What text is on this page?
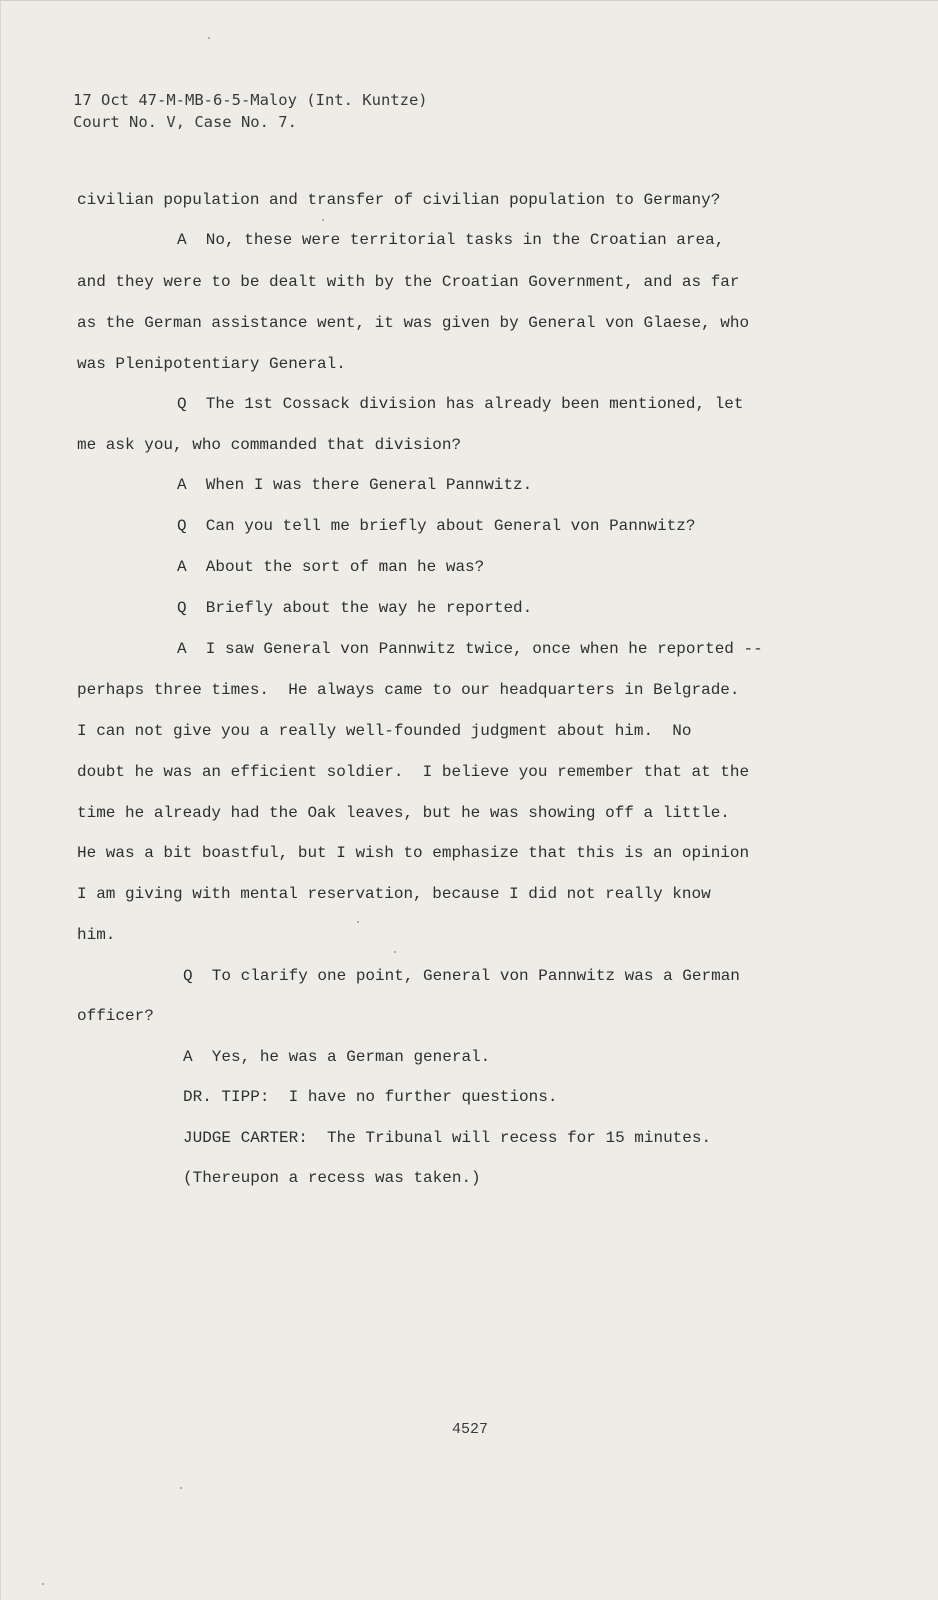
17 Oct 47-M-MB-6-5-Maloy (Int. Kuntze)
Court No. V, Case No. 7.
civilian population and transfer of civilian population to Germany?
A  No, these were territorial tasks in the Croatian area,
and they were to be dealt with by the Croatian Government, and as far
as the German assistance went, it was given by General von Glaese, who
was Plenipotentiary General.
Q  The 1st Cossack division has already been mentioned, let
me ask you, who commanded that division?
A  When I was there General Pannwitz.
Q  Can you tell me briefly about General von Pannwitz?
A  About the sort of man he was?
Q  Briefly about the way he reported.
A  I saw General von Pannwitz twice, once when he reported --
perhaps three times.  He always came to our headquarters in Belgrade.
I can not give you a really well-founded judgment about him.  No
doubt he was an efficient soldier.  I believe you remember that at the
time he already had the Oak leaves, but he was showing off a little.
He was a bit boastful, but I wish to emphasize that this is an opinion
I am giving with mental reservation, because I did not really know
him.
Q  To clarify one point, General von Pannwitz was a German
officer?
A  Yes, he was a German general.
DR. TIPP:  I have no further questions.
JUDGE CARTER:  The Tribunal will recess for 15 minutes.
(Thereupon a recess was taken.)
4527
